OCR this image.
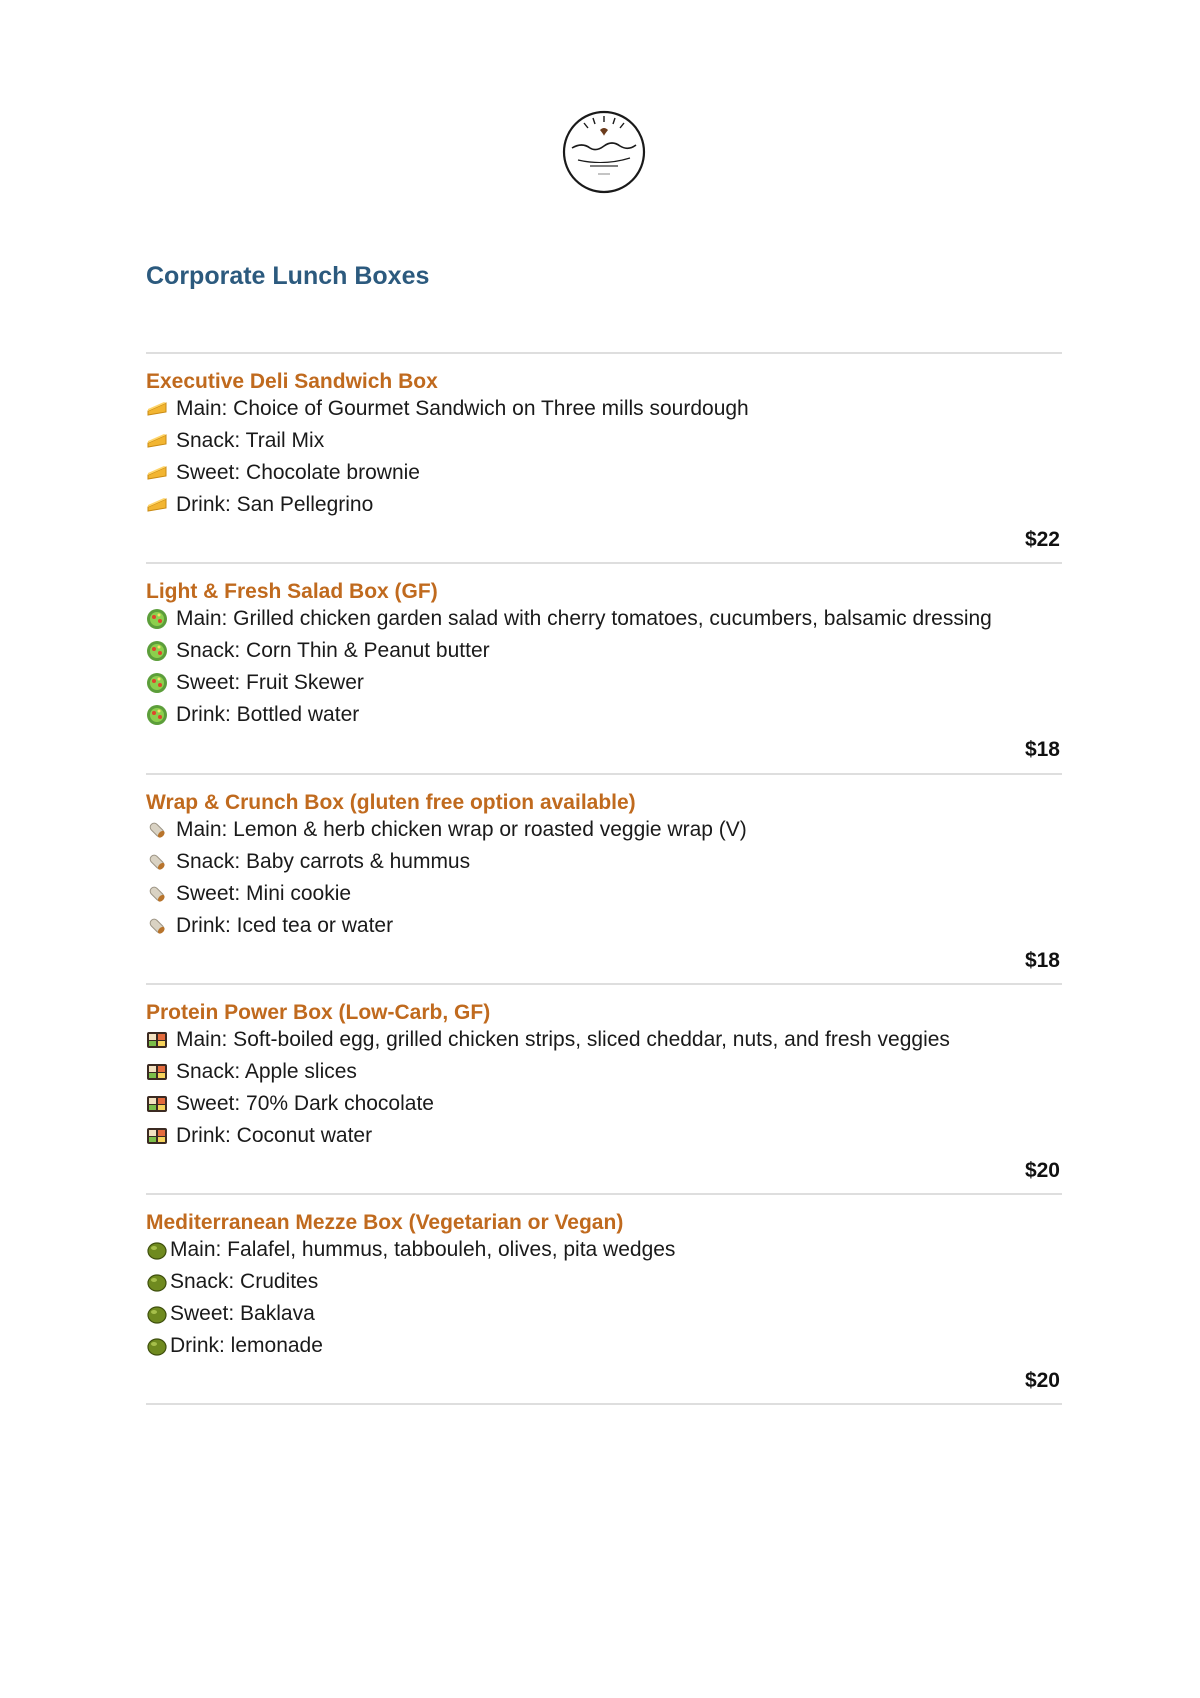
Corporate Lunch Boxes
Executive Deli Sandwich Box
Main: Choice of Gourmet Sandwich on Three mills sourdough
Snack: Trail Mix
Sweet: Chocolate brownie
Drink: San Pellegrino
$22
Light & Fresh Salad Box (GF)
Main: Grilled chicken garden salad with cherry tomatoes, cucumbers, balsamic dressing
Snack: Corn Thin & Peanut butter
Sweet: Fruit Skewer
Drink: Bottled water
$18
Wrap & Crunch Box (gluten free option available)
Main: Lemon & herb chicken wrap or roasted veggie wrap (V)
Snack: Baby carrots & hummus
Sweet: Mini cookie
Drink: Iced tea or water
$18
Protein Power Box (Low-Carb, GF)
Main: Soft-boiled egg, grilled chicken strips, sliced cheddar, nuts, and fresh veggies
Snack: Apple slices
Sweet: 70% Dark chocolate
Drink: Coconut water
$20
Mediterranean Mezze Box (Vegetarian or Vegan)
Main: Falafel, hummus, tabbouleh, olives, pita wedges
Snack: Crudites
Sweet: Baklava
Drink: lemonade
$20
